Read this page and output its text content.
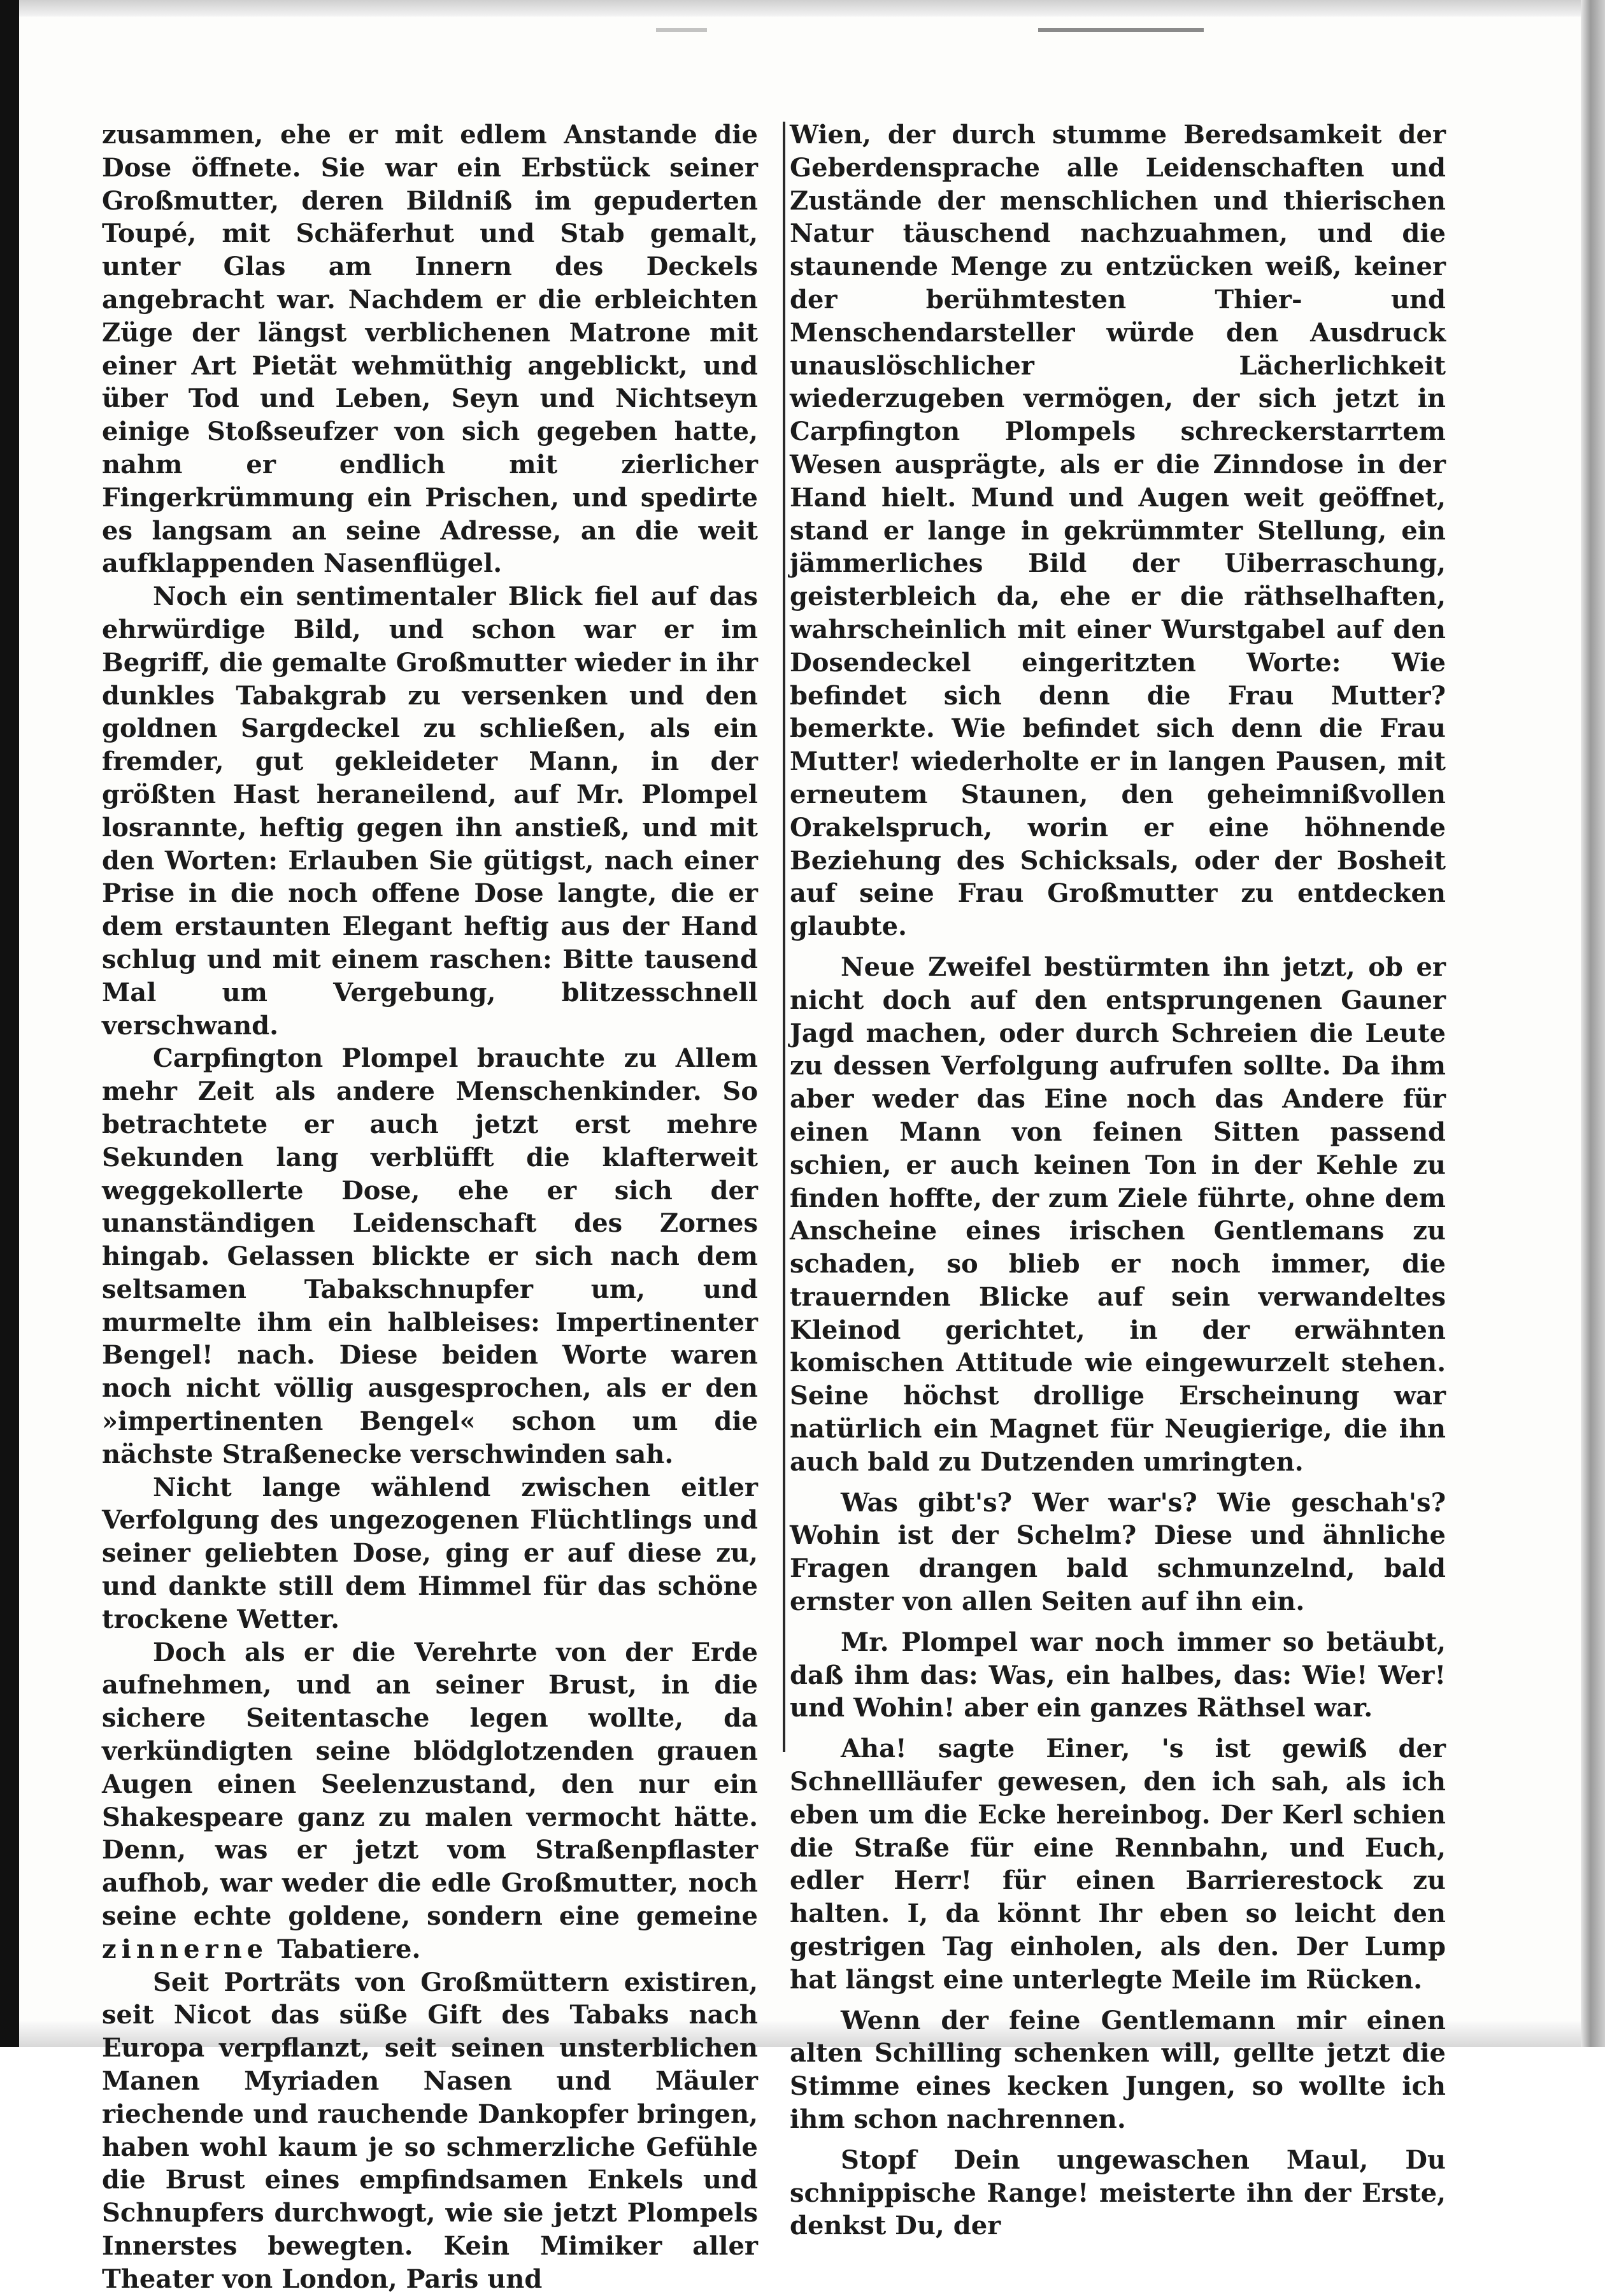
zusammen, ehe er mit edlem Anstande die Dose öffnete. Sie war ein Erbstück seiner Großmutter, deren Bildniß im gepuderten Toupé, mit Schäferhut und Stab gemalt, unter Glas am Innern des Deckels angebracht war. Nachdem er die erbleichten Züge der längst verblichenen Matrone mit einer Art Pietät wehmüthig angeblickt, und über Tod und Leben, Seyn und Nichtseyn einige Stoßseufzer von sich gegeben hatte, nahm er endlich mit zierlicher Fingerkrümmung ein Prischen, und spedirte es langsam an seine Adresse, an die weit aufklappenden Nasenflügel.

Noch ein sentimentaler Blick fiel auf das ehrwürdige Bild, und schon war er im Begriff, die gemalte Großmutter wieder in ihr dunkles Tabakgrab zu versenken und den goldnen Sargdeckel zu schließen, als ein fremder, gut gekleideter Mann, in der größten Hast heraneilend, auf Mr. Plompel losrannte, heftig gegen ihn anstieß, und mit den Worten: Erlauben Sie gütigst, nach einer Prise in die noch offene Dose langte, die er dem erstaunten Elegant heftig aus der Hand schlug und mit einem raschen: Bitte tausend Mal um Vergebung, blitzesschnell verschwand.

Carpfington Plompel brauchte zu Allem mehr Zeit als andere Menschenkinder. So betrachtete er auch jetzt erst mehre Sekunden lang verblüfft die klafterweit weggekollerte Dose, ehe er sich der unanständigen Leidenschaft des Zornes hingab. Gelassen blickte er sich nach dem seltsamen Tabakschnupfer um, und murmelte ihm ein halbleises: Impertinenter Bengel! nach. Diese beiden Worte waren noch nicht völlig ausgesprochen, als er den »impertinenten Bengel« schon um die nächste Straßenecke verschwinden sah.

Nicht lange wählend zwischen eitler Verfolgung des ungezogenen Flüchtlings und seiner geliebten Dose, ging er auf diese zu, und dankte still dem Himmel für das schöne trockene Wetter.

Doch als er die Verehrte von der Erde aufnehmen, und an seiner Brust, in die sichere Seitentasche legen wollte, da verkündigten seine blödglotzenden grauen Augen einen Seelenzustand, den nur ein Shakespeare ganz zu malen vermocht hätte. Denn, was er jetzt vom Straßenpflaster aufhob, war weder die edle Großmutter, noch seine echte goldene, sondern eine gemeine zinnerne Tabatiere.

Seit Porträts von Großmüttern existiren, seit Nicot das süße Gift des Tabaks nach Europa verpflanzt, seit seinen unsterblichen Manen Myriaden Nasen und Mäuler riechende und rauchende Dankopfer bringen, haben wohl kaum je so schmerzliche Gefühle die Brust eines empfindsamen Enkels und Schnupfers durchwogt, wie sie jetzt Plompels Innerstes bewegten. Kein Mimiker aller Theater von London, Paris und

Wien, der durch stumme Beredsamkeit der Geberdensprache alle Leidenschaften und Zustände der menschlichen und thierischen Natur täuschend nachzuahmen, und die staunende Menge zu entzücken weiß, keiner der berühmtesten Thier- und Menschendarsteller würde den Ausdruck unauslöschlicher Lächerlichkeit wiederzugeben vermögen, der sich jetzt in Carpfington Plompels schreckerstarrtem Wesen ausprägte, als er die Zinndose in der Hand hielt. Mund und Augen weit geöffnet, stand er lange in gekrümmter Stellung, ein jämmerliches Bild der Uiberraschung, geisterbleich da, ehe er die räthselhaften, wahrscheinlich mit einer Wurstgabel auf den Dosendeckel eingeritzten Worte: Wie befindet sich denn die Frau Mutter? bemerkte. Wie befindet sich denn die Frau Mutter! wiederholte er in langen Pausen, mit erneutem Staunen, den geheimnißvollen Orakelspruch, worin er eine höhnende Beziehung des Schicksals, oder der Bosheit auf seine Frau Großmutter zu entdecken glaubte.

Neue Zweifel bestürmten ihn jetzt, ob er nicht doch auf den entsprungenen Gauner Jagd machen, oder durch Schreien die Leute zu dessen Verfolgung aufrufen sollte. Da ihm aber weder das Eine noch das Andere für einen Mann von feinen Sitten passend schien, er auch keinen Ton in der Kehle zu finden hoffte, der zum Ziele führte, ohne dem Anscheine eines irischen Gentlemans zu schaden, so blieb er noch immer, die trauernden Blicke auf sein verwandeltes Kleinod gerichtet, in der erwähnten komischen Attitude wie eingewurzelt stehen. Seine höchst drollige Erscheinung war natürlich ein Magnet für Neugierige, die ihn auch bald zu Dutzenden umringten.

Was gibt's? Wer war's? Wie geschah's? Wohin ist der Schelm? Diese und ähnliche Fragen drangen bald schmunzelnd, bald ernster von allen Seiten auf ihn ein.

Mr. Plompel war noch immer so betäubt, daß ihm das: Was, ein halbes, das: Wie! Wer! und Wohin! aber ein ganzes Räthsel war.

Aha! sagte Einer, 's ist gewiß der Schnellläufer gewesen, den ich sah, als ich eben um die Ecke hereinbog. Der Kerl schien die Straße für eine Rennbahn, und Euch, edler Herr! für einen Barrierestock zu halten. I, da könnt Ihr eben so leicht den gestrigen Tag einholen, als den. Der Lump hat längst eine unterlegte Meile im Rücken.

Wenn der feine Gentlemann mir einen alten Schilling schenken will, gellte jetzt die Stimme eines kecken Jungen, so wollte ich ihm schon nachrennen.

Stopf Dein ungewaschen Maul, Du schnippische Range! meisterte ihn der Erste, denkst Du, der
